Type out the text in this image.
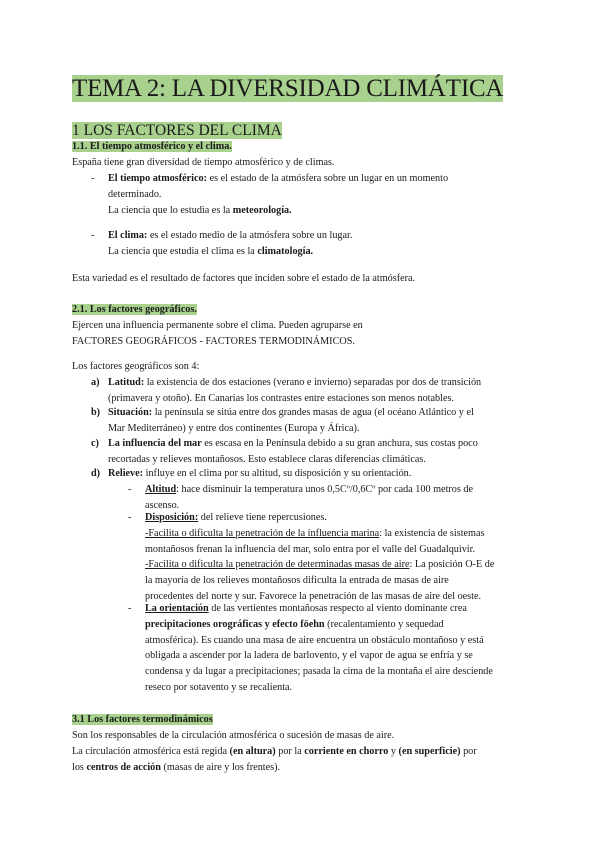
TEMA 2: LA DIVERSIDAD CLIMÁTICA
1 LOS FACTORES DEL CLIMA
1.1. El tiempo atmosférico y el clima.
España tiene gran diversidad de tiempo atmosférico y de climas.
- El tiempo atmosférico: es el estado de la atmósfera sobre un lugar en un momento
determinado.
La ciencia que lo estudia es la meteorología.
- El clima: es el estado medio de la atmósfera sobre un lugar.
La ciencia que estudia el clima es la climatología.
Esta variedad es el resultado de factores que inciden sobre el estado de la atmósfera.
2.1. Los factores geográficos.
Ejercen una influencia permanente sobre el clima. Pueden agruparse en
FACTORES GEOGRÁFICOS - FACTORES TERMODINÁMICOS.
Los factores geográficos son 4:
a) Latitud: la existencia de dos estaciones (verano e invierno) separadas por dos de transición
(primavera y otoño). En Canarias los contrastes entre estaciones son menos notables.
b) Situación: la península se sitúa entre dos grandes masas de agua (el océano Atlántico y el
Mar Mediterráneo) y entre dos continentes (Europa y África).
c) La influencia del mar es escasa en la Península debido a su gran anchura, sus costas poco
recortadas y relieves montañosos. Esto establece claras diferencias climáticas.
d) Relieve: influye en el clima por su altitud, su disposición y su orientación.
- Altitud: hace disminuir la temperatura unos 0,5Cº/0,6Cº por cada 100 metros de
ascenso.
- Disposición: del relieve tiene repercusiones.
-Facilita o dificulta la penetración de la influencia marina: la existencia de sistemas
montañosos frenan la influencia del mar, solo entra por el valle del Guadalquivir.
-Facilita o dificulta la penetración de determinadas masas de aire: La posición O-E de
la mayoría de los relieves montañosos dificulta la entrada de masas de aire
procedentes del norte y sur. Favorece la penetración de las masas de aire del oeste.
- La orientación de las vertientes montañosas respecto al viento dominante crea
precipitaciones orográficas y efecto föehn (recalentamiento y sequedad
atmosférica). Es cuando una masa de aire encuentra un obstáculo montañoso y está
obligada a ascender por la ladera de barlovento, y el vapor de agua se enfría y se
condensa y da lugar a precipitaciones; pasada la cima de la montaña el aire desciende
reseco por sotavento y se recalienta.
3.1 Los factores termodinámicos
Son los responsables de la circulación atmosférica o sucesión de masas de aire.
La circulación atmosférica está regida (en altura) por la corriente en chorro y (en superficie) por
los centros de acción (masas de aire y los frentes).
